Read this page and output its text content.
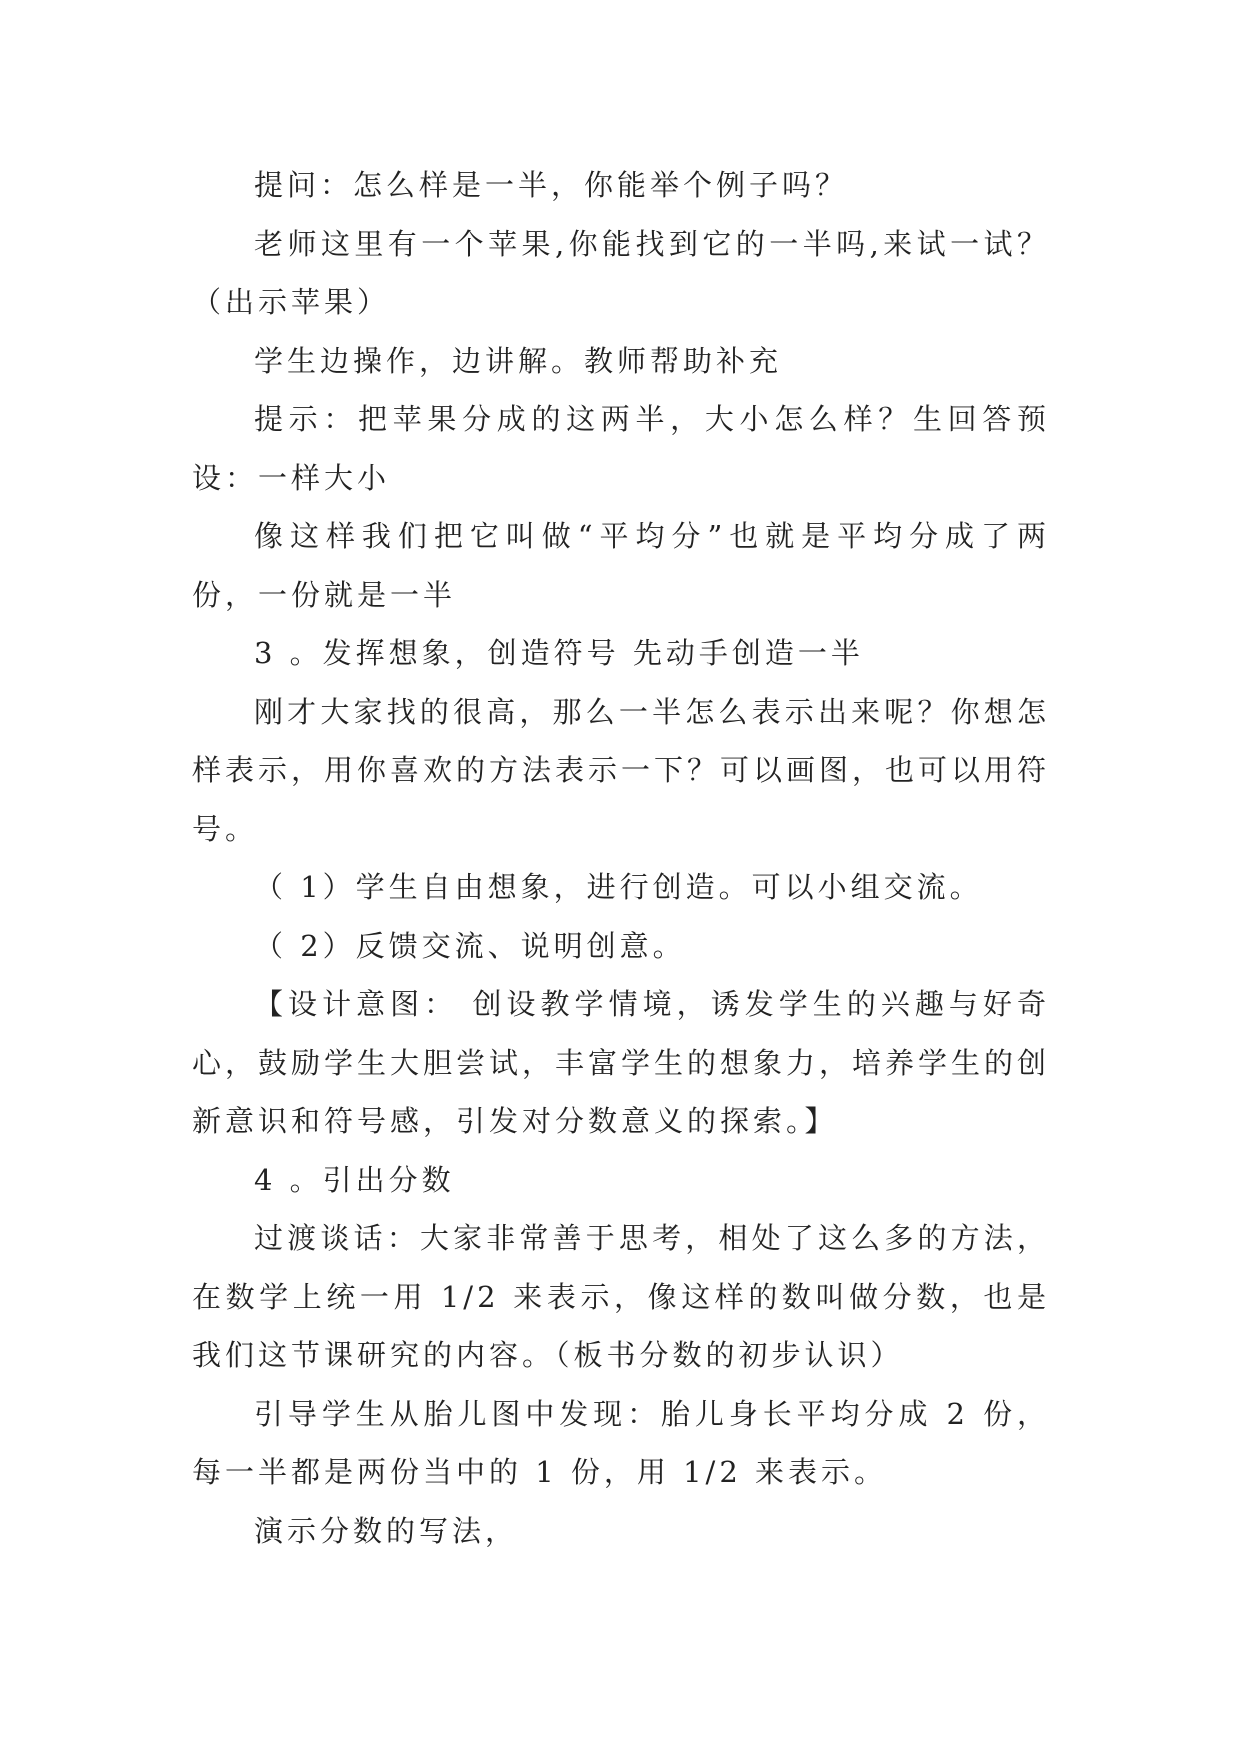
提问：怎么样是一半，你能举个例子吗？

老师这里有一个苹果,你能找到它的一半吗,来试一试？（出示苹果）

学生边操作，边讲解。教师帮助补充

提示：把苹果分成的这两半，大小怎么样？生回答预设：一样大小

像这样我们把它叫做“平均分”也就是平均分成了两份，一份就是一半

3 。发挥想象，创造符号 先动手创造一半

刚才大家找的很高，那么一半怎么表示出来呢？你想怎样表示，用你喜欢的方法表示一下？可以画图，也可以用符号。

（ 1）学生自由想象，进行创造。可以小组交流。

（ 2）反馈交流、说明创意。

【设计意图： 创设教学情境，诱发学生的兴趣与好奇心，鼓励学生大胆尝试，丰富学生的想象力，培养学生的创新意识和符号感，引发对分数意义的探索。】

4 。引出分数

过渡谈话：大家非常善于思考，相处了这么多的方法，在数学上统一用 1/2 来表示，像这样的数叫做分数，也是我们这节课研究的内容。（板书分数的初步认识）

引导学生从胎儿图中发现：胎儿身长平均分成 2 份，每一半都是两份当中的 1 份，用 1/2 来表示。

演示分数的写法，
